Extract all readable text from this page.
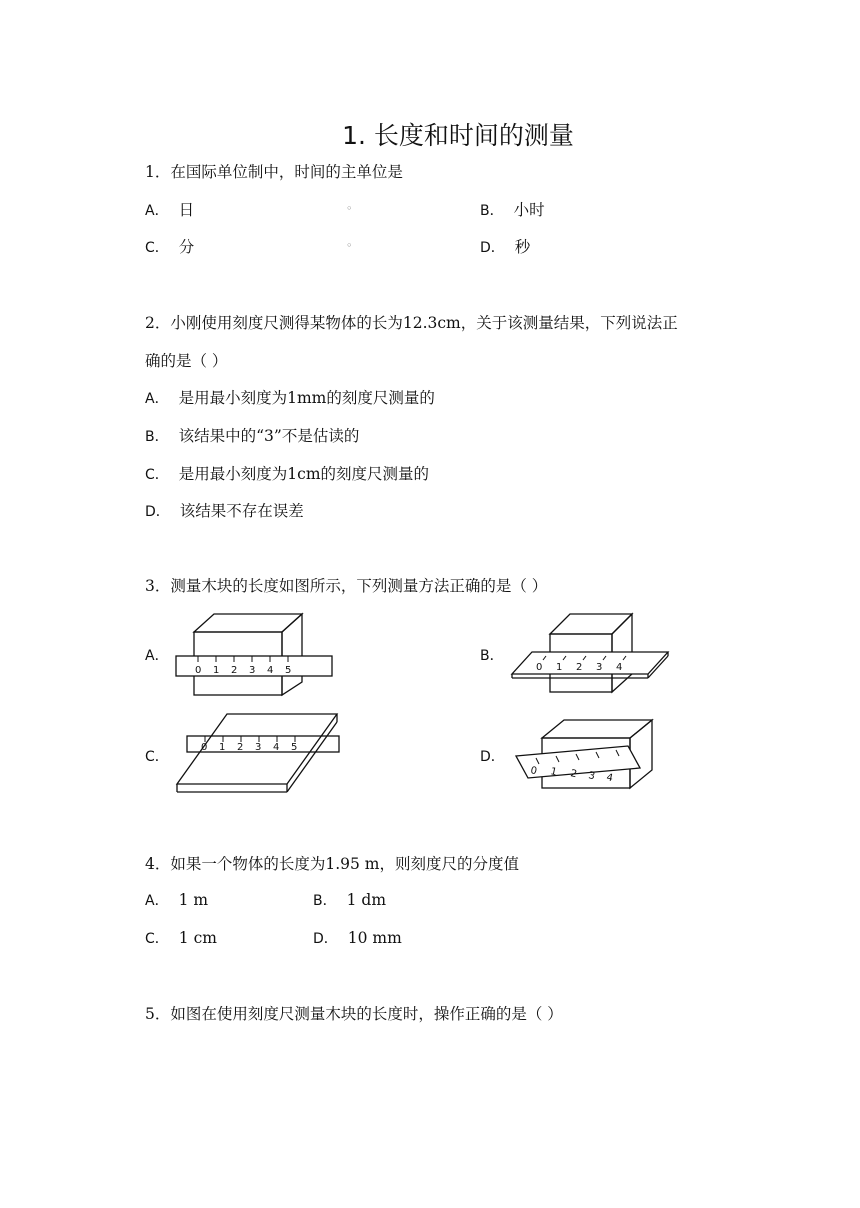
1. 长度和时间的测量
1．在国际单位制中，时间的主单位是
A． 日	◦	B． 小时
C． 分	◦	D． 秒
2．小刚使用刻度尺测得某物体的长为12.3cm，关于该测量结果，下列说法正
确的是（ ）
A． 是用最小刻度为1mm的刻度尺测量的
B． 该结果中的“3”不是估读的
C． 是用最小刻度为1cm的刻度尺测量的
D． 该结果不存在误差
3．测量木块的长度如图所示，下列测量方法正确的是（ ）
A．
0 1 2 3 4 5
B．
0 1 2 3 4
C．
0 1 2 3 4 5
D．
0 1 2 3 4
4．如果一个物体的长度为1.95 m，则刻度尺的分度值
A． 1 m	B． 1 dm
C． 1 cm	D． 10 mm
5．如图在使用刻度尺测量木块的长度时，操作正确的是（ ）
